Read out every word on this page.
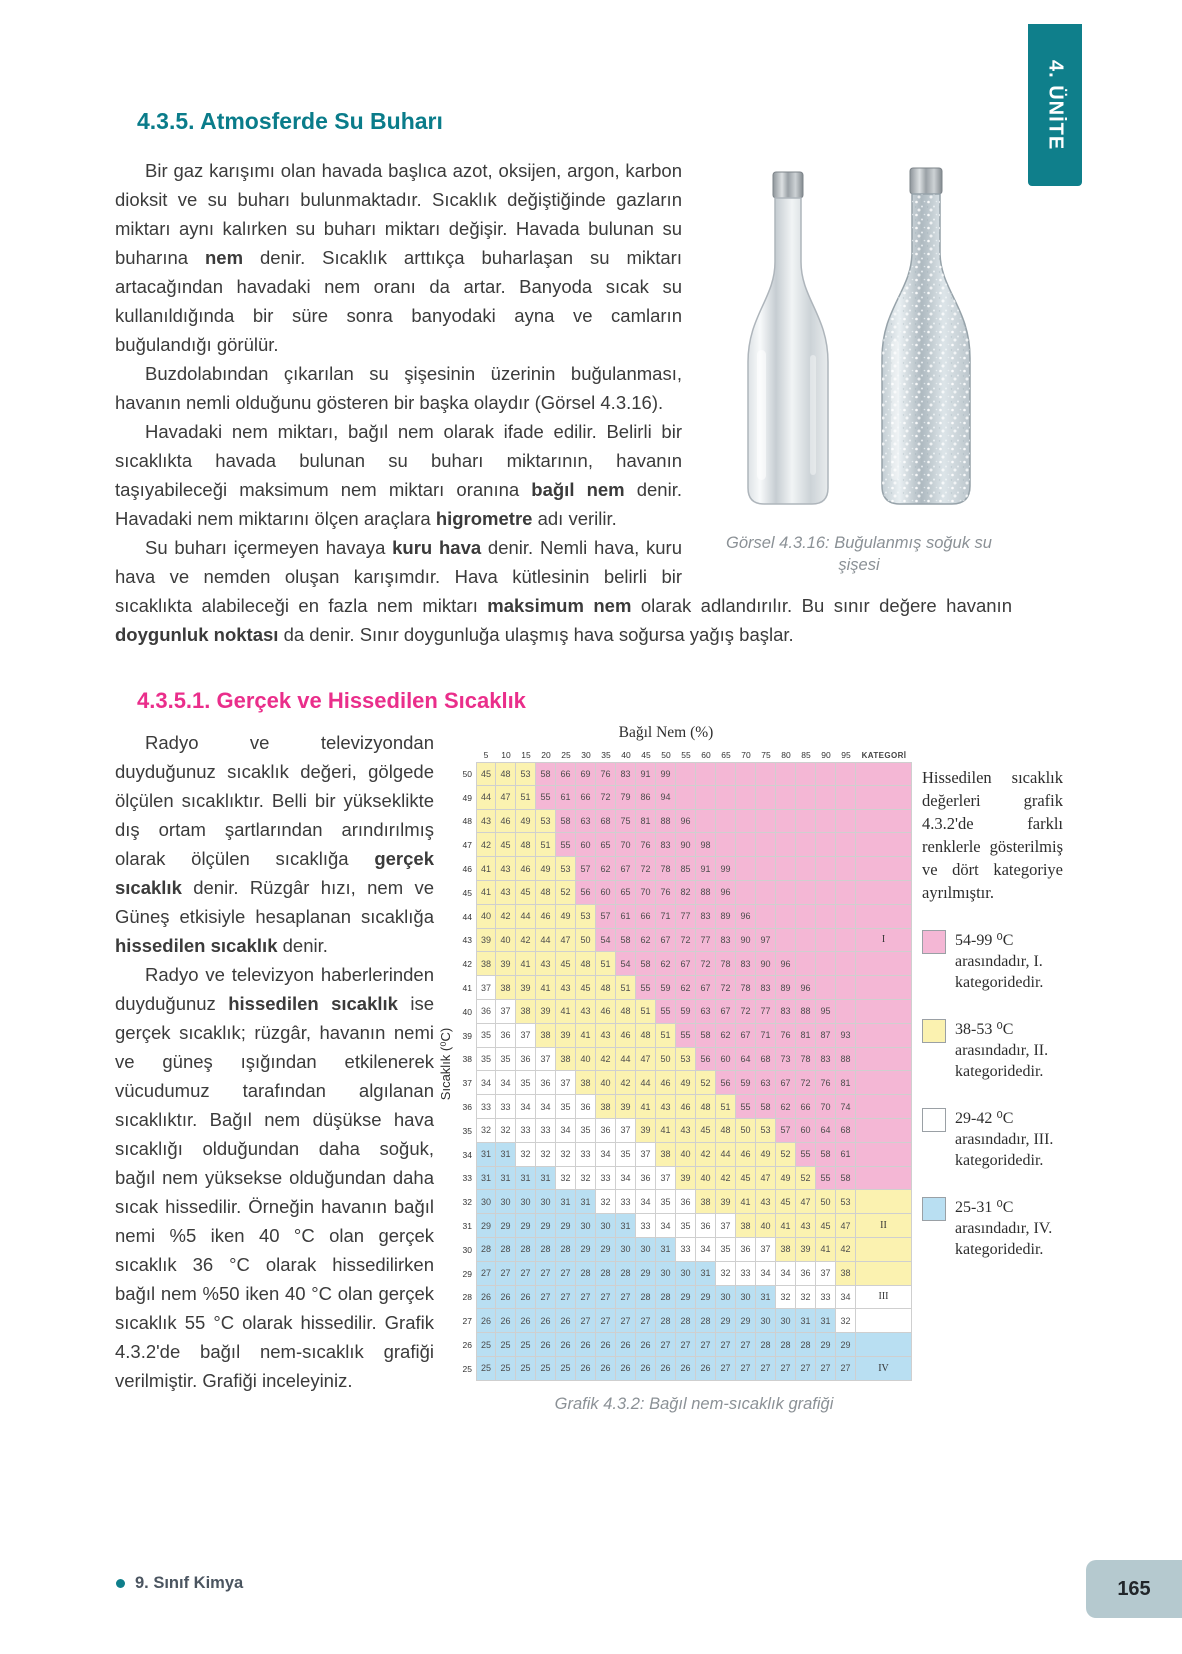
4. ÜNİTE
4.3.5. Atmosferde Su Buharı
Görsel 4.3.16: Buğulanmış soğuk su şişesi

Bir gaz karışımı olan havada başlıca azot, oksijen, argon, karbon dioksit ve su buharı bulunmaktadır. Sıcaklık değiştiğinde gazların miktarı aynı kalırken su buharı miktarı değişir. Havada bulunan su buharına nem denir. Sıcaklık arttıkça buharlaşan su miktarı artacağından havadaki nem oranı da artar. Banyoda sıcak su kullanıldığında bir süre sonra banyodaki ayna ve camların buğulandığı görülür.

Buzdolabından çıkarılan su şişesinin üzerinin buğulanması, havanın nemli olduğunu gösteren bir başka olaydır (Görsel 4.3.16).

Havadaki nem miktarı, bağıl nem olarak ifade edilir. Belirli bir sıcaklıkta havada bulunan su buharı miktarının, havanın taşıyabileceği maksimum nem miktarı oranına bağıl nem denir. Havadaki nem miktarını ölçen araçlara higrometre adı verilir.

Su buharı içermeyen havaya kuru hava denir. Nemli hava, kuru hava ve nemden oluşan karışımdır. Hava kütlesinin belirli bir sıcaklıkta alabileceği en fazla nem miktarı maksimum nem olarak adlandırılır. Bu sınır değere havanın doygunluk noktası da denir. Sınır doygunluğa ulaşmış hava soğursa yağış başlar.

4.3.5.1. Gerçek ve Hissedilen Sıcaklık

Radyo ve televizyondan duyduğunuz sıcaklık değeri, gölgede ölçülen sıcaklıktır. Belli bir yükseklikte dış ortam şartlarından arındırılmış olarak ölçülen sıcaklığa gerçek sıcaklık denir. Rüzgâr hızı, nem ve Güneş etkisiyle hesaplanan sıcaklığa hissedilen sıcaklık denir.

Radyo ve televizyon haberlerinden duyduğunuz hissedilen sıcaklık ise gerçek sıcaklık; rüzgâr, havanın nemi ve güneş ışığından etkilenerek vücudumuz tarafından algılanan sıcaklıktır. Bağıl nem düşükse hava sıcaklığı olduğundan daha soğuk, bağıl nem yüksekse olduğundan daha sıcak hissedilir. Örneğin havanın bağıl nemi %5 iken 40 °C olan gerçek sıcaklık 36 °C olarak hissedilirken bağıl nem %50 iken 40 °C olan gerçek sıcaklık 55 °C olarak hissedilir. Grafik 4.3.2'de bağıl nem-sıcaklık grafiği verilmiştir. Grafiği inceleyiniz.

Sıcaklık (⁰C)
Bağıl Nem (%)
5	10	15	20	25	30	35	40	45	50	55	60	65	70	75	80	85	90	95	KATEGORİ
50 45	48	53	58	66	69	76	83	91	99
49 44	47	51	55	61	66	72	79	86	94
48 43	46	49	53	58	63	68	75	81	88	96
47 42	45	48	51	55	60	65	70	76	83	90	98
46 41	43	46	49	53	57	62	67	72	78	85	91	99
45 41	43	45	48	52	56	60	65	70	76	82	88	96
44 40	42	44	46	49	53	57	61	66	71	77	83	89	96
43 39	40	42	44	47	50	54	58	62	67	72	77	83	90	97	I
42 38	39	41	43	45	48	51	54	58	62	67	72	78	83	90	96
41 37	38	39	41	43	45	48	51	55	59	62	67	72	78	83	89	96
40 36	37	38	39	41	43	46	48	51	55	59	63	67	72	77	83	88	95
39 35	36	37	38	39	41	43	46	48	51	55	58	62	67	71	76	81	87	93
38 35	35	36	37	38	40	42	44	47	50	53	56	60	64	68	73	78	83	88
37 34	34	35	36	37	38	40	42	44	46	49	52	56	59	63	67	72	76	81
36 33	33	34	34	35	36	38	39	41	43	46	48	51	55	58	62	66	70	74
35 32	32	33	33	34	35	36	37	39	41	43	45	48	50	53	57	60	64	68
34 31	31	32	32	32	33	34	35	37	38	40	42	44	46	49	52	55	58	61
33 31	31	31	31	32	32	33	34	36	37	39	40	42	45	47	49	52	55	58
32 30	30	30	30	31	31	32	33	34	35	36	38	39	41	43	45	47	50	53
31 29	29	29	29	29	30	30	31	33	34	35	36	37	38	40	41	43	45	47	II
30 28	28	28	28	28	29	29	30	30	31	33	34	35	36	37	38	39	41	42
29 27	27	27	27	27	28	28	28	29	30	30	31	32	33	34	34	36	37	38
28 26	26	26	27	27	27	27	27	28	28	29	29	30	30	31	32	32	33	34	III
27 26	26	26	26	26	27	27	27	27	28	28	28	29	29	30	30	31	31	32
26 25	25	25	26	26	26	26	26	26	27	27	27	27	27	28	28	28	29	29
25 25	25	25	25	25	26	26	26	26	26	26	26	27	27	27	27	27	27	27	IV
Grafik 4.3.2: Bağıl nem-sıcaklık grafiği
Hissedilen sıcaklık değerleri grafik 4.3.2'de farklı renklerle gösterilmiş ve dört kategoriye ayrılmıştır.
54-99 ⁰C arasındadır, I. kategoridedir.
38-53 ⁰C arasındadır, II. kategoridedir.
29-42 ⁰C arasındadır, III. kategoridedir.
25-31 ⁰C arasındadır, IV. kategoridedir.
9. Sınıf Kimya	165
